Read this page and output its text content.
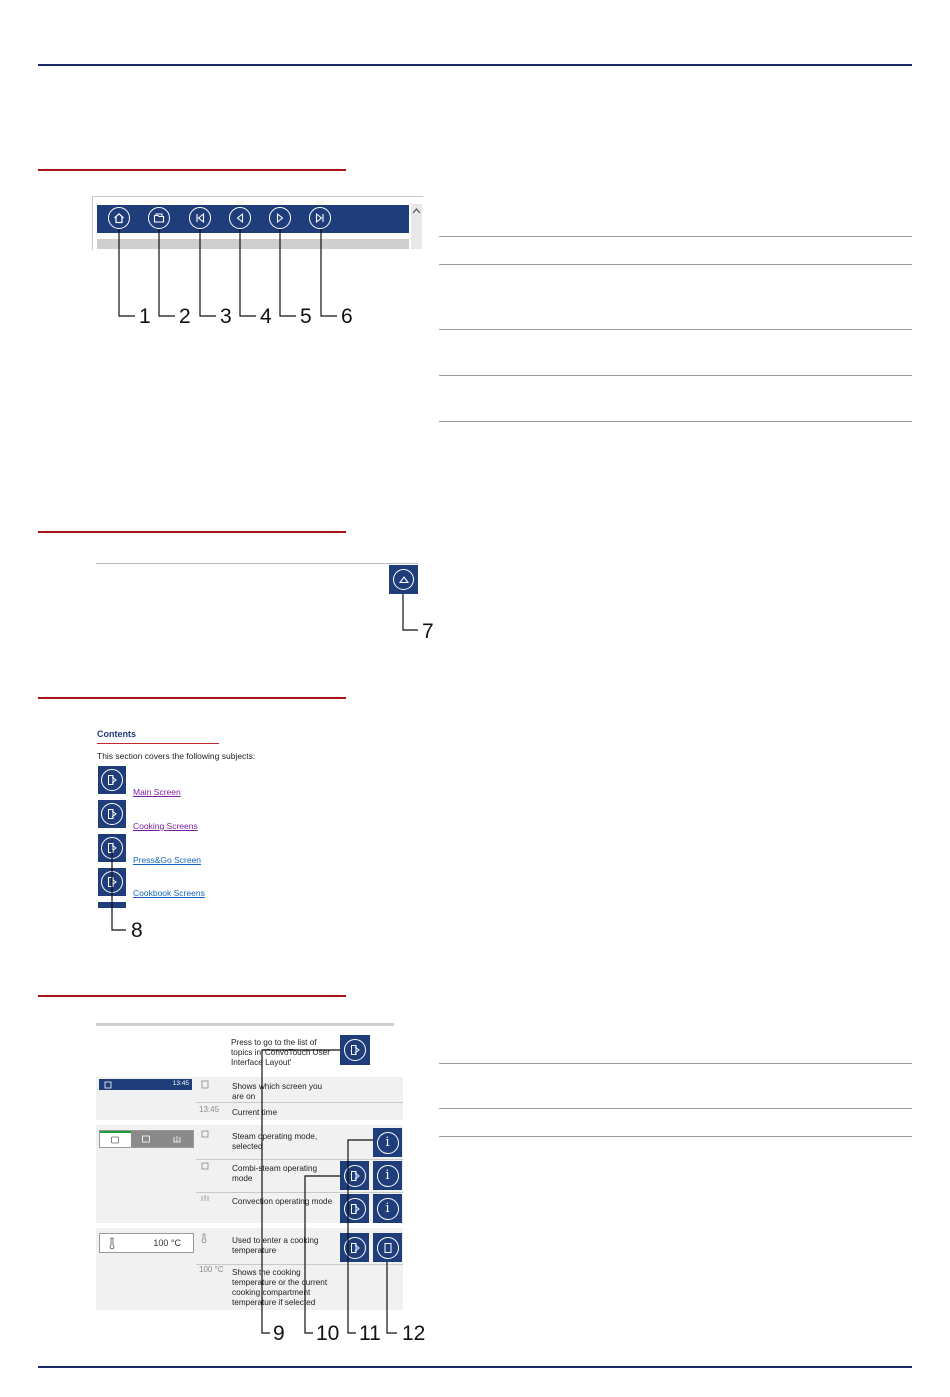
1 2 3 4 5 6
7
Contents
This section covers the following subjects:
Main Screen
Cooking Screens
Press&Go Screen
Cookbook Screens
8
Press to go to the list of topics in 'ConvoTouch User Interface Layout'
13:45	Shows which screen you are on
13:45 Current time
Steam operating mode, selected	i
Combi-steam operating mode	i
Convection operating mode	i
100 °C	Used to enter a cooking temperature
100 °C Shows the cooking temperature or the current cooking compartment temperature if selected
9 10 11 12
